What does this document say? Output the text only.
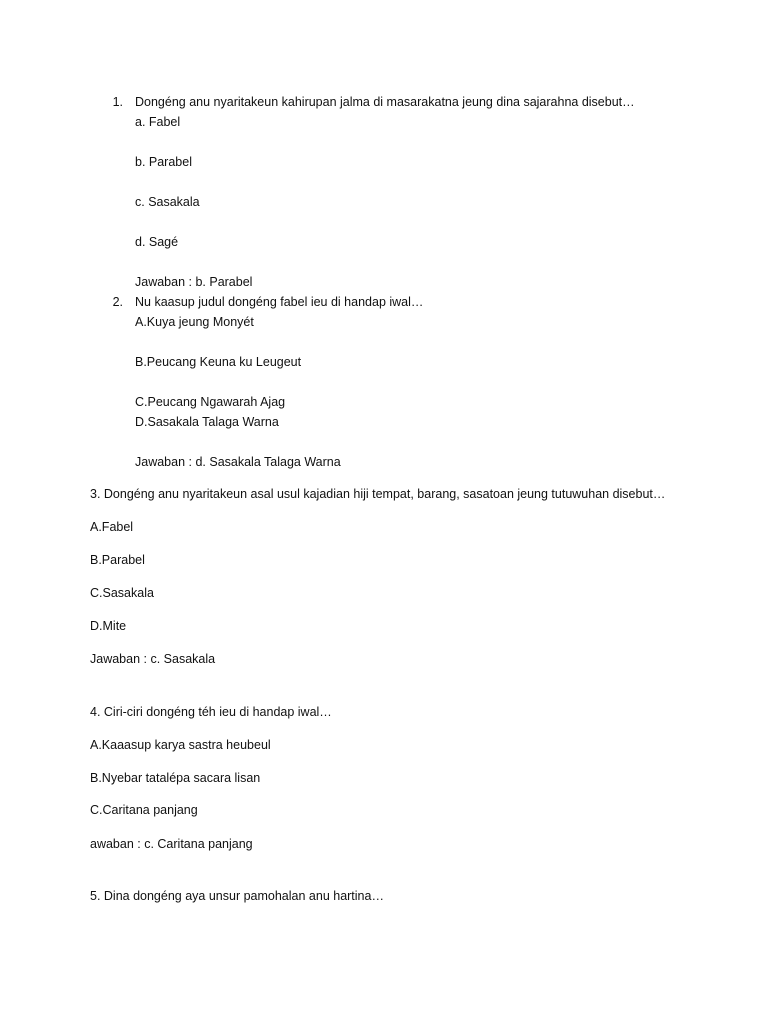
1. Dongéng anu nyaritakeun kahirupan jalma di masarakatna jeung dina sajarahna disebut…
a. Fabel
b. Parabel
c. Sasakala
d. Sagé
Jawaban : b. Parabel
2. Nu kaasup judul dongéng fabel ieu di handap iwal…
A.Kuya jeung Monyét
B.Peucang Keuna ku Leugeut
C.Peucang Ngawarah Ajag
D.Sasakala Talaga Warna
Jawaban : d. Sasakala Talaga Warna
3. Dongéng anu nyaritakeun asal usul kajadian hiji tempat, barang, sasatoan jeung tutuwuhan disebut…
A.Fabel
B.Parabel
C.Sasakala
D.Mite
Jawaban : c. Sasakala
4. Ciri-ciri dongéng téh ieu di handap iwal…
A.Kaaasup karya sastra heubeul
B.Nyebar tatalépa sacara lisan
C.Caritana panjang
awaban : c. Caritana panjang
5. Dina dongéng aya unsur pamohalan anu hartina…
